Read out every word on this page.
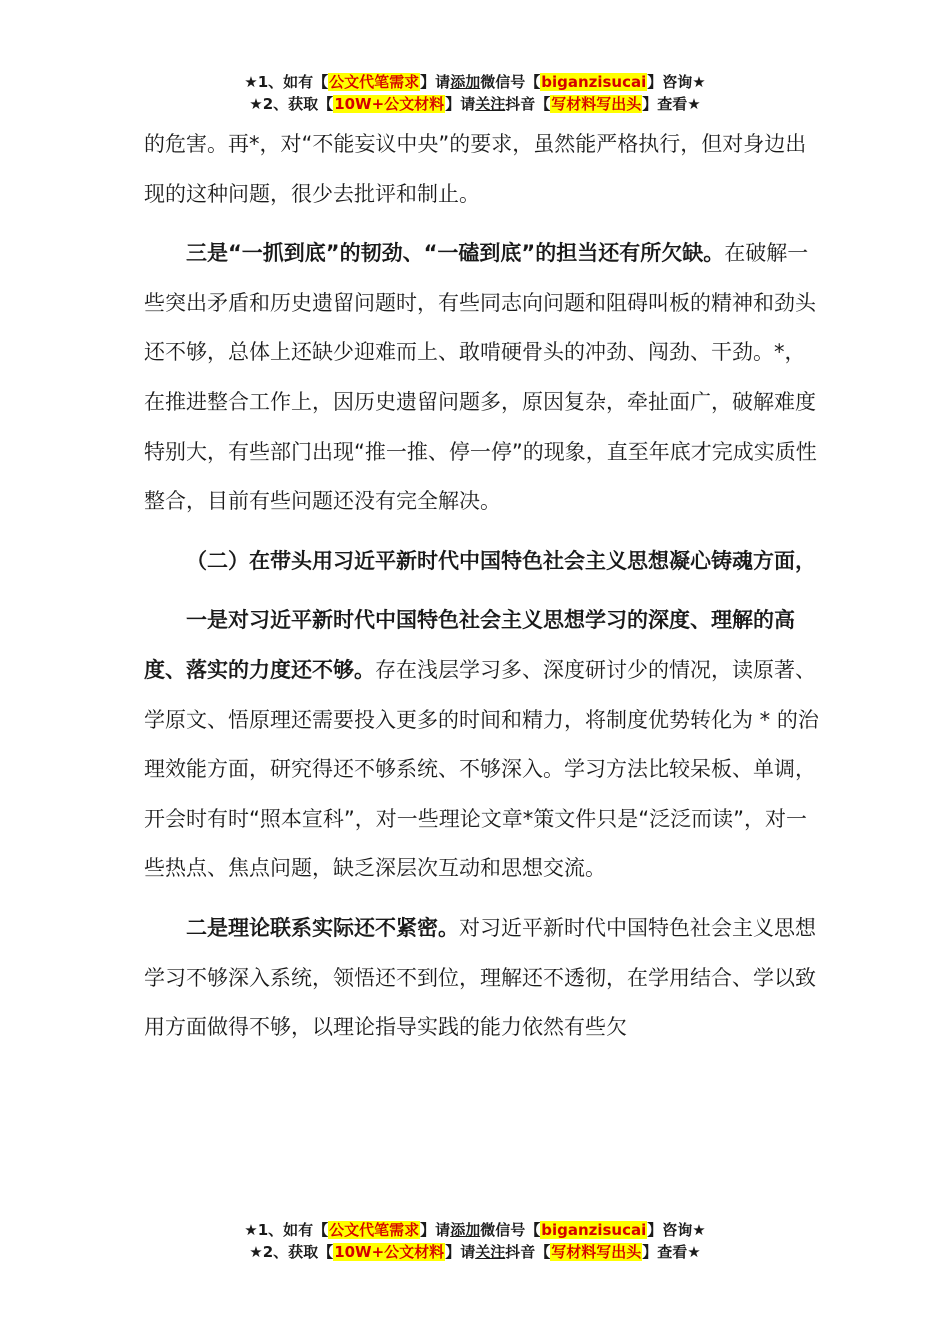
★1、如有【公文代笔需求】请添加微信号【biganzisucai】咨询★
★2、获取【10W+公文材料】请关注抖音【写材料写出头】查看★

的危害。再*，对“不能妄议中央”的要求，虽然能严格执行，但对身边出现的这种问题，很少去批评和制止。

三是“一抓到底”的韧劲、“一磕到底”的担当还有所欠缺。在破解一些突出矛盾和历史遗留问题时，有些同志向问题和阻碍叫板的精神和劲头还不够，总体上还缺少迎难而上、敢啃硬骨头的冲劲、闯劲、干劲。*，在推进整合工作上，因历史遗留问题多，原因复杂，牵扯面广，破解难度特别大，有些部门出现“推一推、停一停”的现象，直至年底才完成实质性整合，目前有些问题还没有完全解决。

（二）在带头用习近平新时代中国特色社会主义思想凝心铸魂方面，

一是对习近平新时代中国特色社会主义思想学习的深度、理解的高度、落实的力度还不够。存在浅层学习多、深度研讨少的情况，读原著、学原文、悟原理还需要投入更多的时间和精力，将制度优势转化为 * 的治理效能方面，研究得还不够系统、不够深入。学习方法比较呆板、单调，开会时有时“照本宣科”，对一些理论文章*策文件只是“泛泛而读”，对一些热点、焦点问题，缺乏深层次互动和思想交流。

二是理论联系实际还不紧密。对习近平新时代中国特色社会主义思想学习不够深入系统，领悟还不到位，理解还不透彻，在学用结合、学以致用方面做得不够，以理论指导实践的能力依然有些欠

★1、如有【公文代笔需求】请添加微信号【biganzisucai】咨询★
★2、获取【10W+公文材料】请关注抖音【写材料写出头】查看★
